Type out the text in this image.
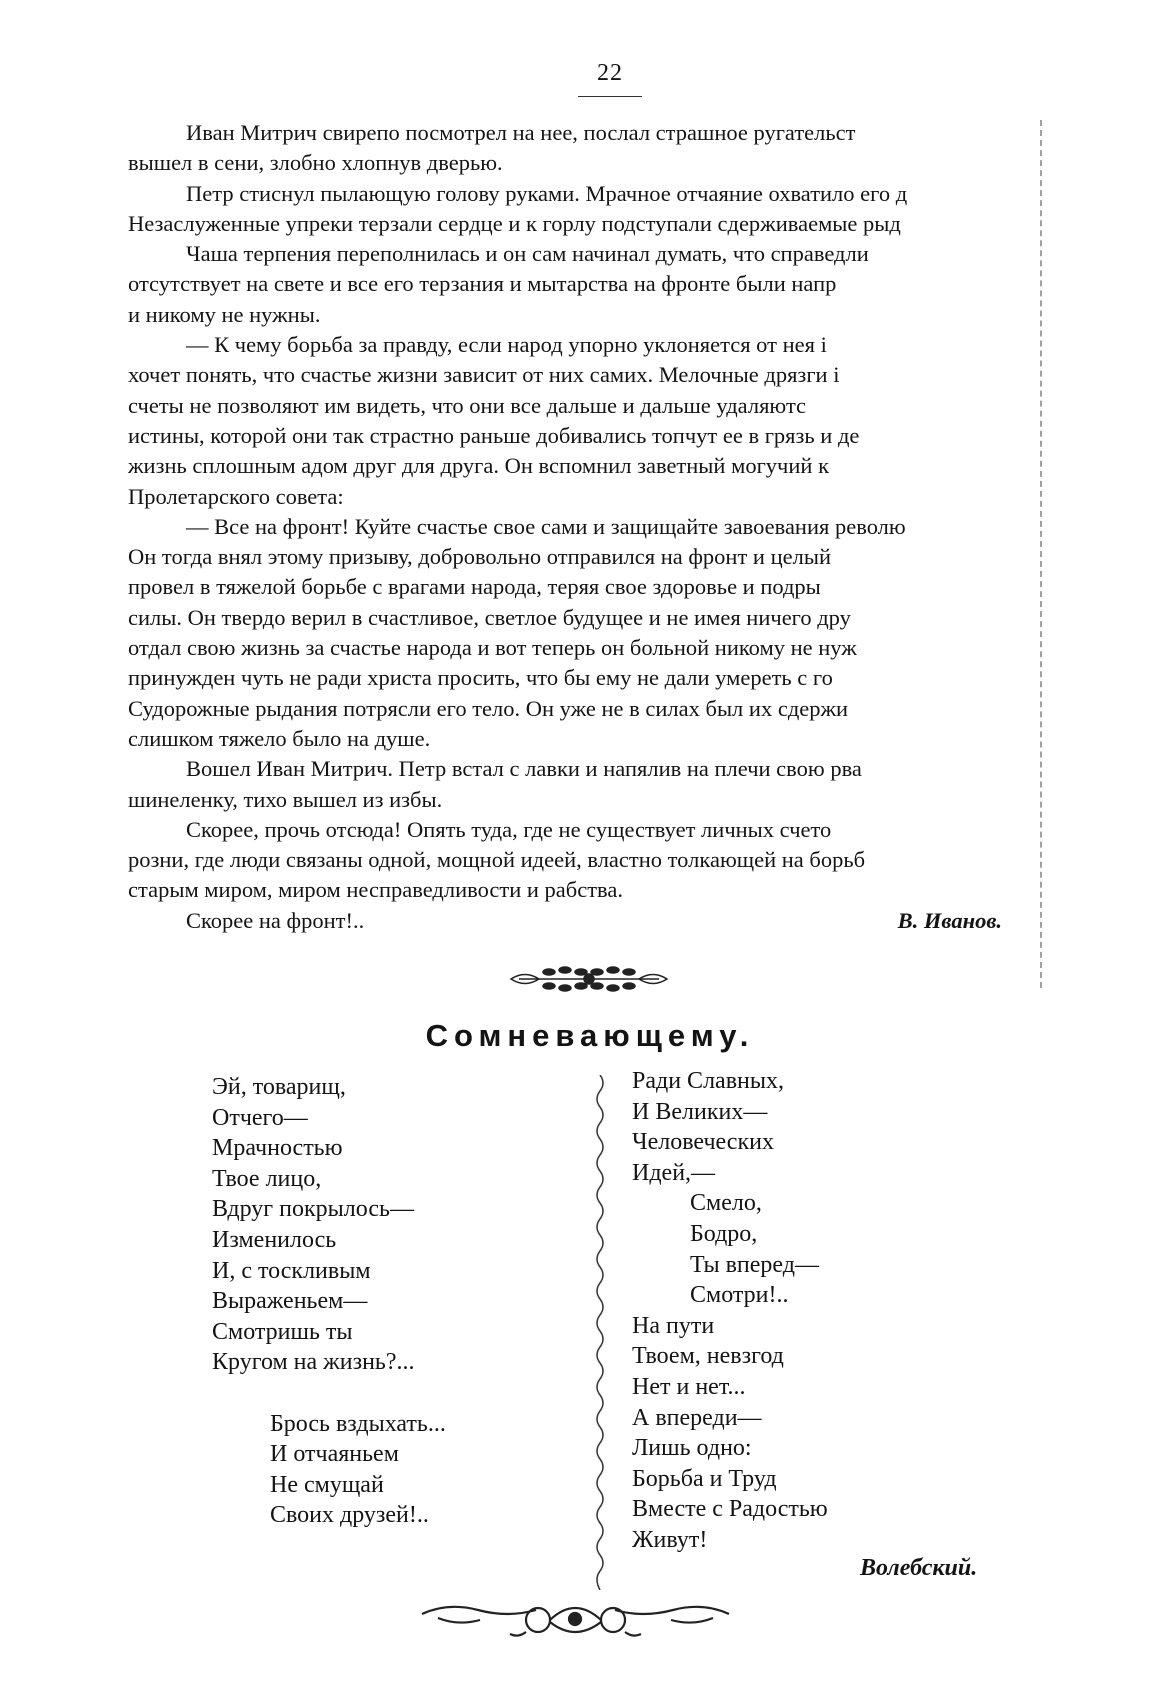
22
Иван Митрич свирепо посмотрел на нее, послал страшное ругательст
вышел в сени, злобно хлопнув дверью.
Петр стиснул пылающую голову руками. Мрачное отчаяние охватило его д
Незаслуженные упреки терзали сердце и к горлу подступали сдерживаемые рыд
Чаша терпения переполнилась и он сам начинал думать, что справедли
отсутствует на свете и все его терзания и мытарства на фронте были напр
и никому не нужны.
— К чему борьба за правду, если народ упорно уклоняется от нея і
хочет понять, что счастье жизни зависит от них самих. Мелочные дрязги і
счеты не позволяют им видеть, что они все дальше и дальше удаляютс
истины, которой они так страстно раньше добивались топчут ее в грязь и де
жизнь сплошным адом друг для друга. Он вспомнил заветный могучий к
Пролетарского совета:
— Все на фронт! Куйте счастье свое сами и защищайте завоевания револю
Он тогда внял этому призыву, добровольно отправился на фронт и целый
провел в тяжелой борьбе с врагами народа, теряя свое здоровье и подры
силы. Он твердо верил в счастливое, светлое будущее и не имея ничего дру
отдал свою жизнь за счастье народа и вот теперь он больной никому не нуж
принужден чуть не ради христа просить, что бы ему не дали умереть с го
Судорожные рыдания потрясли его тело. Он уже не в силах был их сдержи
слишком тяжело было на душе.
Вошел Иван Митрич. Петр встал с лавки и напялив на плечи свою рва
шинеленку, тихо вышел из избы.
Скорее, прочь отсюда! Опять туда, где не существует личных счето
розни, где люди связаны одной, мощной идеей, властно толкающей на борьб
старым миром, миром несправедливости и рабства.
Скорее на фронт!..	В. Иванов.
Сомневающему.
Эй, товарищ,
Отчего—
Мрачностью
Твое лицо,
Вдруг покрылось—
Изменилось
И, с тоскливым
Выраженьем—
Смотришь ты
Кругом на жизнь?...
Брось вздыхать...
И отчаяньем
Не смущай
Своих друзей!..
Ради Славных,
И Великих—
Человеческих
Идей,—
Смело,
Бодро,
Ты вперед—
Смотри!..
На пути
Твоем, невзгод
Нет и нет...
А впереди—
Лишь одно:
Борьба и Труд
Вместе с Радостью
Живут!
Волебский.
